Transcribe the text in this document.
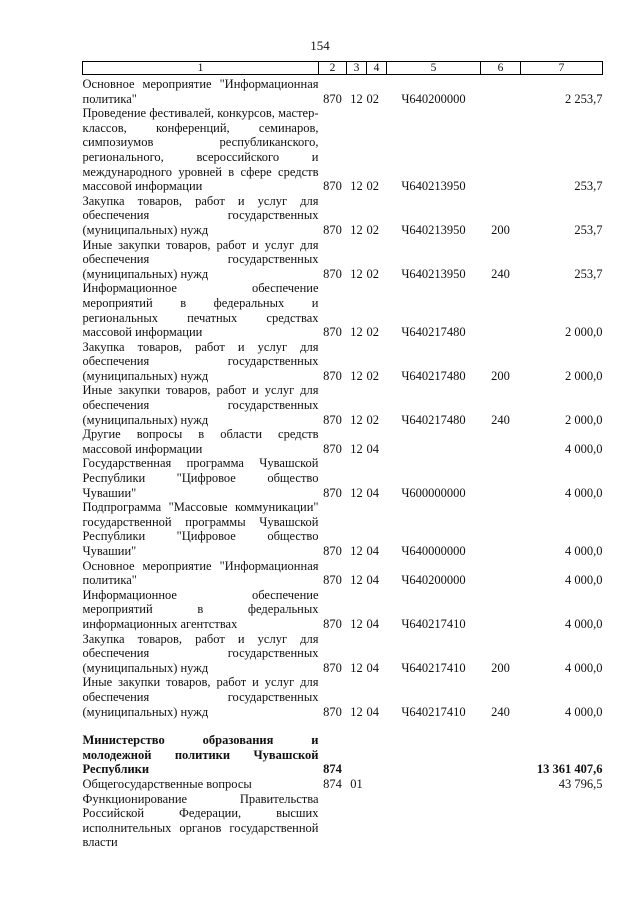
154
1	2	3	4	5	6	7
Основное мероприятие "Информационная политика"	870	12	02	Ч640200000		2 253,7
Проведение фестивалей, конкурсов, мастер-классов, конференций, семинаров, симпозиумов республиканского, регионального, всероссийского и международного уровней в сфере средств массовой информации	870	12	02	Ч640213950		253,7
Закупка товаров, работ и услуг для обеспечения государственных (муниципальных) нужд	870	12	02	Ч640213950	200	253,7
Иные закупки товаров, работ и услуг для обеспечения государственных (муниципальных) нужд	870	12	02	Ч640213950	240	253,7
Информационное обеспечение мероприятий в федеральных и региональных печатных средствах массовой информации	870	12	02	Ч640217480		2 000,0
Закупка товаров, работ и услуг для обеспечения государственных (муниципальных) нужд	870	12	02	Ч640217480	200	2 000,0
Иные закупки товаров, работ и услуг для обеспечения государственных (муниципальных) нужд	870	12	02	Ч640217480	240	2 000,0
Другие вопросы в области средств массовой информации	870	12	04			4 000,0
Государственная программа Чувашской Республики "Цифровое общество Чувашии"	870	12	04	Ч600000000		4 000,0
Подпрограмма "Массовые коммуникации" государственной программы Чувашской Республики "Цифровое общество Чувашии"	870	12	04	Ч640000000		4 000,0
Основное мероприятие "Информационная политика"	870	12	04	Ч640200000		4 000,0
Информационное обеспечение мероприятий в федеральных информационных агентствах	870	12	04	Ч640217410		4 000,0
Закупка товаров, работ и услуг для обеспечения государственных (муниципальных) нужд	870	12	04	Ч640217410	200	4 000,0
Иные закупки товаров, работ и услуг для обеспечения государственных (муниципальных) нужд	870	12	04	Ч640217410	240	4 000,0

Министерство образования и молодежной политики Чувашской Республики	874					13 361 407,6
Общегосударственные вопросы	874	01				43 796,5
Функционирование Правительства Российской Федерации, высших исполнительных органов государственной власти						
